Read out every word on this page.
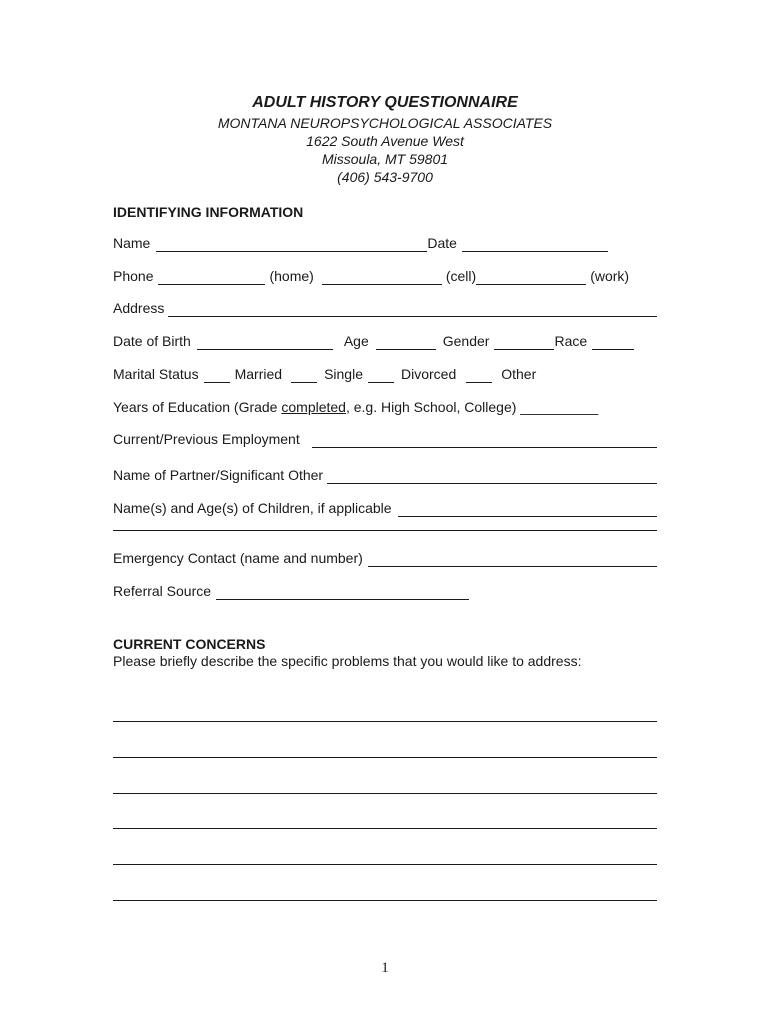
ADULT HISTORY QUESTIONNAIRE
MONTANA NEUROPSYCHOLOGICAL ASSOCIATES
1622 South Avenue West
Missoula, MT 59801
(406) 543-9700
IDENTIFYING INFORMATION
Name	Date
Phone	(home)	(cell)	(work)
Address
Date of Birth	Age	Gender	Race
Marital Status	Married	Single	Divorced	Other
Years of Education (Grade completed, e.g. High School, College) __________
Current/Previous Employment
Name of Partner/Significant Other
Name(s) and Age(s) of Children, if applicable
Emergency Contact (name and number)
Referral Source
CURRENT CONCERNS
Please briefly describe the specific problems that you would like to address:
1
